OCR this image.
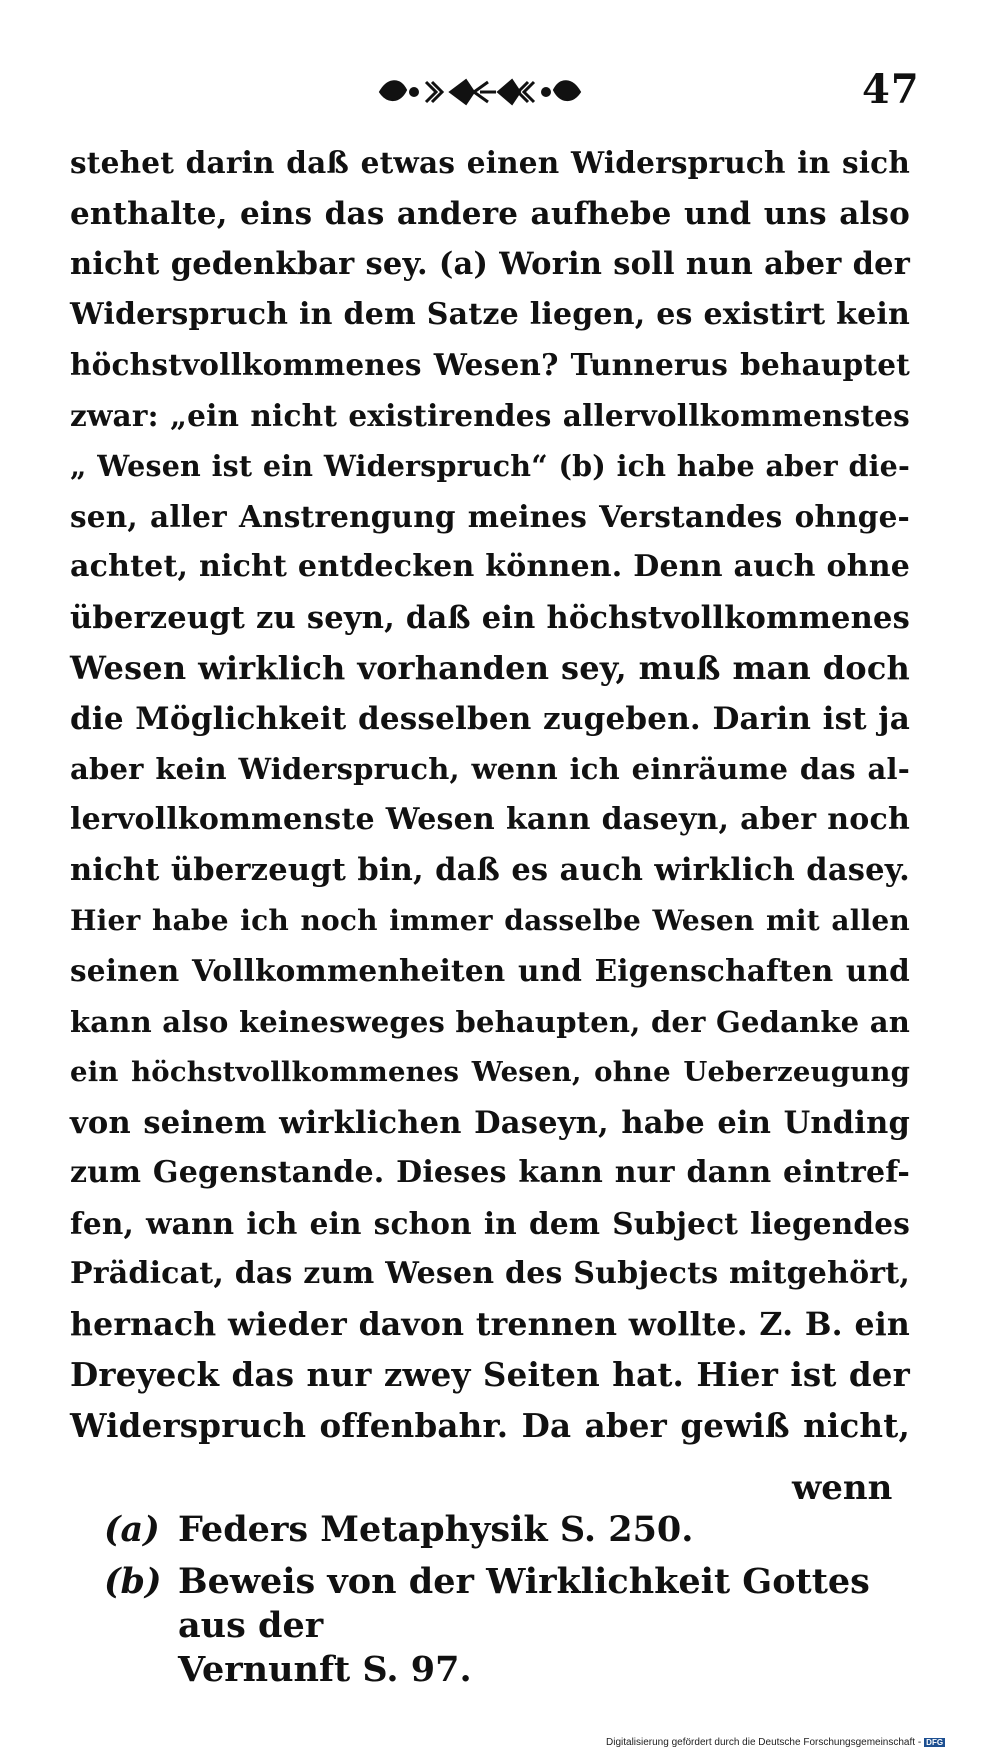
47
stehet darin daß etwas einen Widerspruch in sich
enthalte, eins das andere aufhebe und uns also
nicht gedenkbar sey. (a) Worin soll nun aber der
Widerspruch in dem Satze liegen, es existirt kein
höchstvollkommenes Wesen? Tunnerus behauptet
zwar: „ein nicht existirendes allervollkommenstes
„ Wesen ist ein Widerspruch“ (b) ich habe aber die-
sen, aller Anstrengung meines Verstandes ohnge-
achtet, nicht entdecken können. Denn auch ohne
überzeugt zu seyn, daß ein höchstvollkommenes
Wesen wirklich vorhanden sey, muß man doch
die Möglichkeit desselben zugeben. Darin ist ja
aber kein Widerspruch, wenn ich einräume das al-
lervollkommenste Wesen kann daseyn, aber noch
nicht überzeugt bin, daß es auch wirklich dasey.
Hier habe ich noch immer dasselbe Wesen mit allen
seinen Vollkommenheiten und Eigenschaften und
kann also keinesweges behaupten, der Gedanke an
ein höchstvollkommenes Wesen, ohne Ueberzeugung
von seinem wirklichen Daseyn, habe ein Unding
zum Gegenstande. Dieses kann nur dann eintref-
fen, wann ich ein schon in dem Subject liegendes
Prädicat, das zum Wesen des Subjects mitgehört,
hernach wieder davon trennen wollte. Z. B. ein
Dreyeck das nur zwey Seiten hat. Hier ist der
Widerspruch offenbahr. Da aber gewiß nicht,
wenn
(a) Feders Metaphysik S. 250.
(b) Beweis von der Wirklichkeit Gottes aus der
Vernunft S. 97.
Digitalisierung gefördert durch die Deutsche Forschungsgemeinschaft - DFG
